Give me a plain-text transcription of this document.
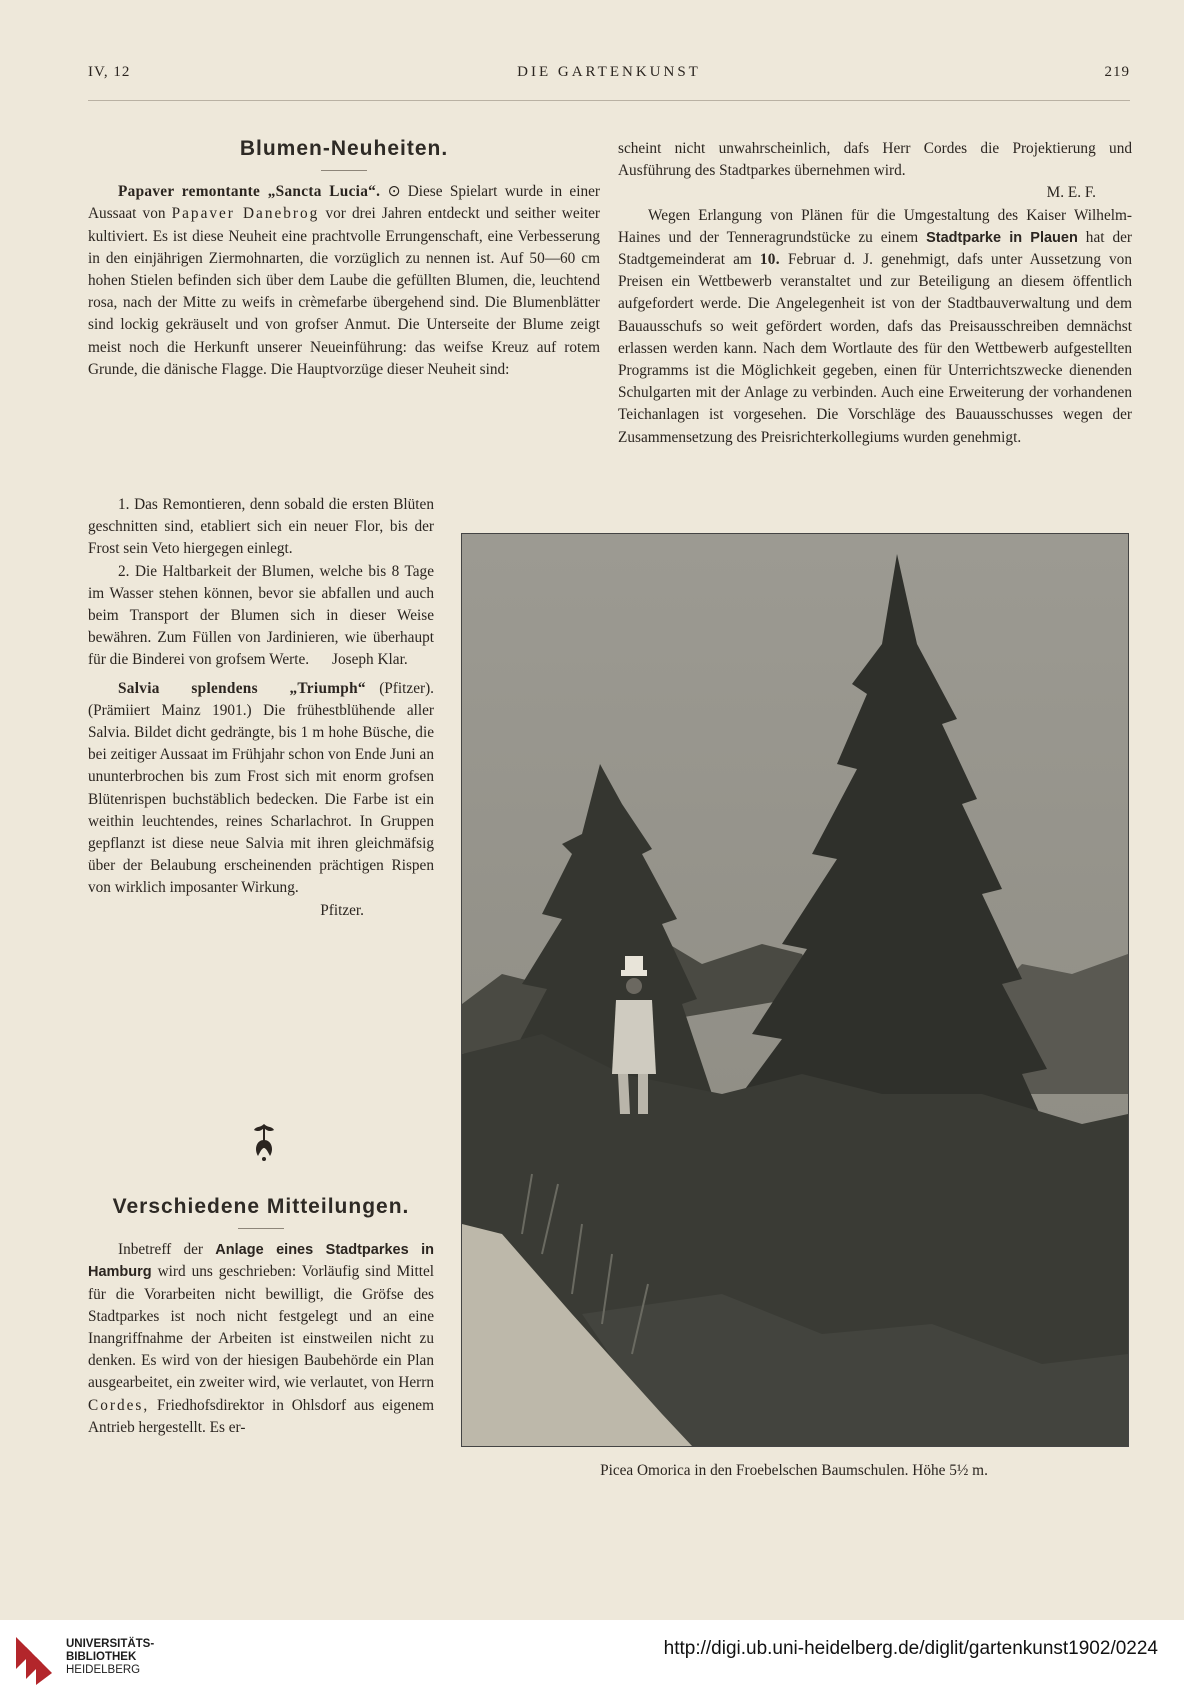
IV, 12	DIE GARTENKUNST	219
Blumen-Neuheiten.

Papaver remontante „Sancta Lucia“. ⊙ Diese Spielart wurde in einer Aussaat von Papaver Danebrog vor drei Jahren entdeckt und seither weiter kultiviert. Es ist diese Neuheit eine prachtvolle Errungenschaft, eine Verbesserung in den einjährigen Ziermohnarten, die vorzüglich zu nennen ist. Auf 50—60 cm hohen Stielen befinden sich über dem Laube die gefüllten Blumen, die, leuchtend rosa, nach der Mitte zu weifs in crèmefarbe übergehend sind. Die Blumenblätter sind lockig gekräuselt und von grofser Anmut. Die Unterseite der Blume zeigt meist noch die Herkunft unserer Neueinführung: das weifse Kreuz auf rotem Grunde, die dänische Flagge. Die Hauptvorzüge dieser Neuheit sind:

1. Das Remontieren, denn sobald die ersten Blüten geschnitten sind, etabliert sich ein neuer Flor, bis der Frost sein Veto hiergegen einlegt.

2. Die Haltbarkeit der Blumen, welche bis 8 Tage im Wasser stehen können, bevor sie abfallen und auch beim Transport der Blumen sich in dieser Weise bewähren. Zum Füllen von Jardinieren, wie überhaupt für die Binderei von grofsem Werte. Joseph Klar.

Salvia splendens „Triumph“ (Pfitzer). (Prämiiert Mainz 1901.) Die frühestblühende aller Salvia. Bildet dicht gedrängte, bis 1 m hohe Büsche, die bei zeitiger Aussaat im Frühjahr schon von Ende Juni an ununterbrochen bis zum Frost sich mit enorm grofsen Blütenrispen buchstäblich bedecken. Die Farbe ist ein weithin leuchtendes, reines Scharlachrot. In Gruppen gepflanzt ist diese neue Salvia mit ihren gleichmäfsig über der Belaubung erscheinenden prächtigen Rispen von wirklich imposanter Wirkung.

Pfitzer.

Verschiedene Mitteilungen.

Inbetreff der Anlage eines Stadtparkes in Hamburg wird uns geschrieben: Vorläufig sind Mittel für die Vorarbeiten nicht bewilligt, die Gröfse des Stadtparkes ist noch nicht festgelegt und an eine Inangriffnahme der Arbeiten ist einstweilen nicht zu denken. Es wird von der hiesigen Baubehörde ein Plan ausgearbeitet, ein zweiter wird, wie verlautet, von Herrn Cordes, Friedhofsdirektor in Ohlsdorf aus eigenem Antrieb hergestellt. Es er-

scheint nicht unwahrscheinlich, dafs Herr Cordes die Projektierung und Ausführung des Stadtparkes übernehmen wird.

M. E. F.

Wegen Erlangung von Plänen für die Umgestaltung des Kaiser Wilhelm-Haines und der Tenneragrundstücke zu einem Stadtparke in Plauen hat der Stadtgemeinderat am 10. Februar d. J. genehmigt, dafs unter Aussetzung von Preisen ein Wettbewerb veranstaltet und zur Beteiligung an diesem öffentlich aufgefordert werde. Die Angelegenheit ist von der Stadtbauverwaltung und dem Bauausschufs so weit gefördert worden, dafs das Preisausschreiben demnächst erlassen werden kann. Nach dem Wortlaute des für den Wettbewerb aufgestellten Programms ist die Möglichkeit gegeben, einen für Unterrichtszwecke dienenden Schulgarten mit der Anlage zu verbinden. Auch eine Erweiterung der vorhandenen Teichanlagen ist vorgesehen. Die Vorschläge des Bauausschusses wegen der Zusammensetzung des Preisrichterkollegiums wurden genehmigt.

Picea Omorica in den Froebelschen Baumschulen. Höhe 5½ m.
UNIVERSITÄTS-
BIBLIOTHEK
HEIDELBERG
http://digi.ub.uni-heidelberg.de/diglit/gartenkunst1902/0224
